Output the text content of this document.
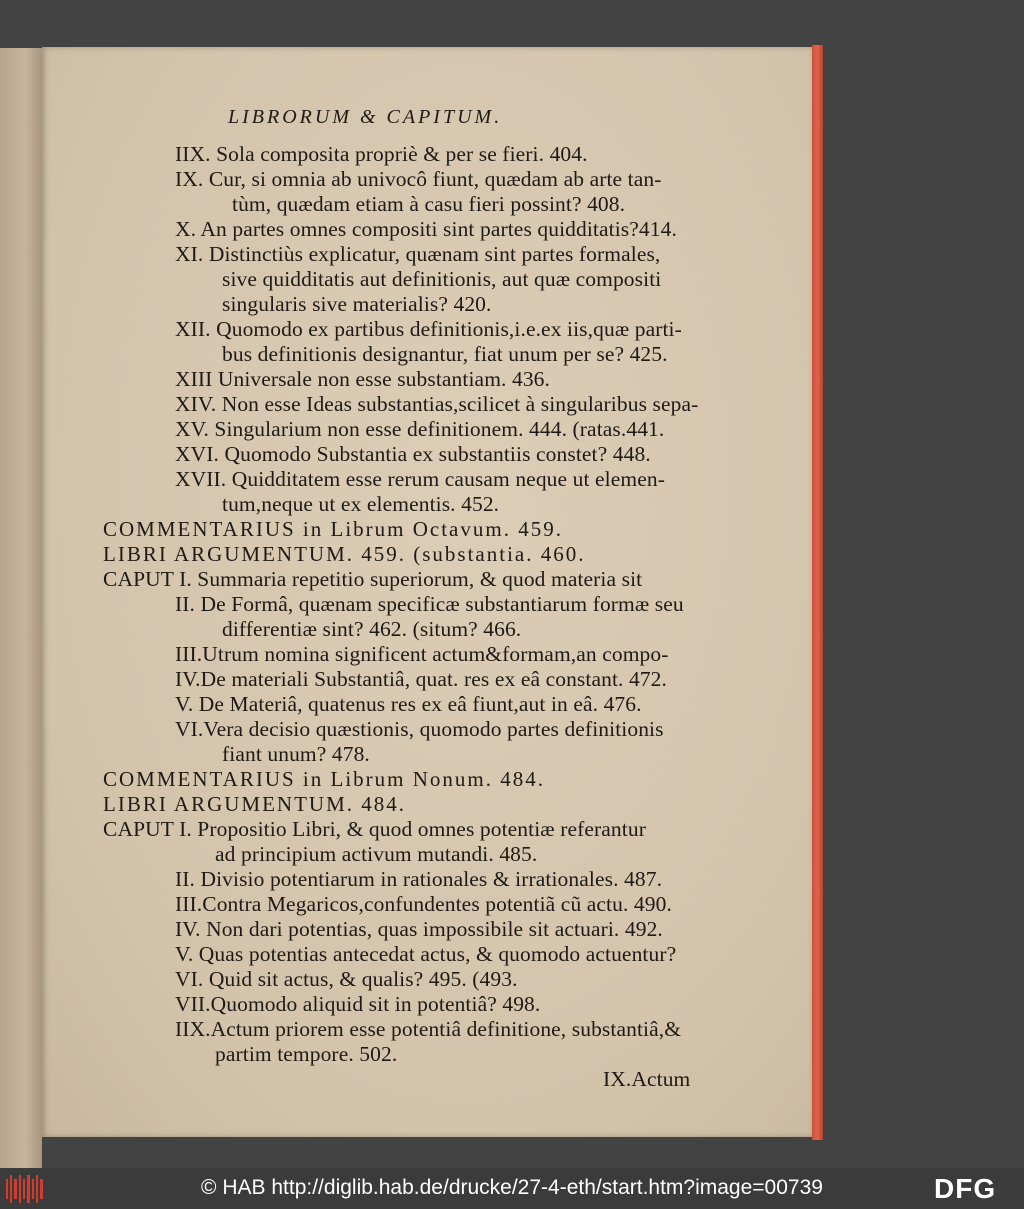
LIBRORUM & CAPITUM.
IIX. Sola composita propriè & per se fieri. 404.
IX. Cur, si omnia ab univocô fiunt, quædam ab arte tan-
tùm, quædam etiam à casu fieri possint? 408.
X. An partes omnes compositi sint partes quidditatis?414.
XI. Distinctiùs explicatur, quænam sint partes formales,
sive quidditatis aut definitionis, aut quæ compositi
singularis sive materialis? 420.
XII. Quomodo ex partibus definitionis,i.e.ex iis,quæ parti-
bus definitionis designantur, fiat unum per se? 425.
XIII Universale non esse substantiam. 436.
XIV. Non esse Ideas substantias,scilicet à singularibus sepa-
XV. Singularium non esse definitionem. 444. (ratas.441.
XVI. Quomodo Substantia ex substantiis constet? 448.
XVII. Quidditatem esse rerum causam neque ut elemen-
tum,neque ut ex elementis. 452.
COMMENTARIUS in Librum Octavum. 459.
LIBRI ARGUMENTUM. 459. (substantia. 460.
CAPUT I. Summaria repetitio superiorum, & quod materia sit
II. De Formâ, quænam specificæ substantiarum formæ seu
differentiæ sint? 462. (situm? 466.
III.Utrum nomina significent actum&formam,an compo-
IV.De materiali Substantiâ, quat. res ex eâ constant. 472.
V. De Materiâ, quatenus res ex eâ fiunt,aut in eâ. 476.
VI.Vera decisio quæstionis, quomodo partes definitionis
fiant unum? 478.
COMMENTARIUS in Librum Nonum. 484.
LIBRI ARGUMENTUM. 484.
CAPUT I. Propositio Libri, & quod omnes potentiæ referantur
ad principium activum mutandi. 485.
II. Divisio potentiarum in rationales & irrationales. 487.
III.Contra Megaricos,confundentes potentiã cũ actu. 490.
IV. Non dari potentias, quas impossibile sit actuari. 492.
V. Quas potentias antecedat actus, & quomodo actuentur?
VI. Quid sit actus, & qualis? 495. (493.
VII.Quomodo aliquid sit in potentiâ? 498.
IIX.Actum priorem esse potentiâ definitione, substantiâ,&
partim tempore. 502.
IX.Actum
© HAB http://diglib.hab.de/drucke/27-4-eth/start.htm?image=00739	DFG
